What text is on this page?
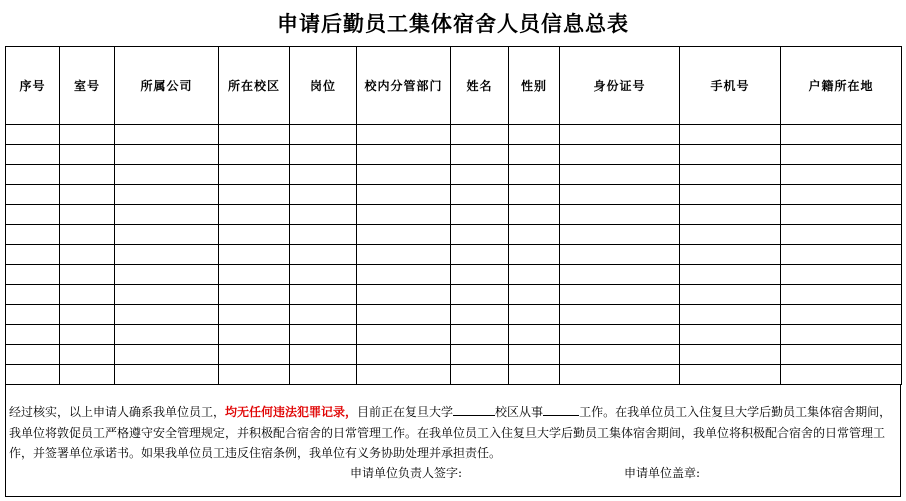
申请后勤员工集体宿舍人员信息总表
序号	室号	所属公司	所在校区	岗位	校内分管部门	姓名	性别	身份证号	手机号	户籍所在地

经过核实，以上申请人确系我单位员工，均无任何违法犯罪记录，目前正在复旦大学	校区从事	工作。在我单位员工入住复旦大学后勤员工集体宿舍期间，我单位将敦促员工严格遵守安全管理规定，并积极配合宿舍的日常管理工作。在我单位员工入住复旦大学后勤员工集体宿舍期间，我单位将积极配合宿舍的日常管理工作，并签署单位承诺书。如果我单位员工违反住宿条例，我单位有义务协助处理并承担责任。
申请单位负责人签字:	申请单位盖章:
